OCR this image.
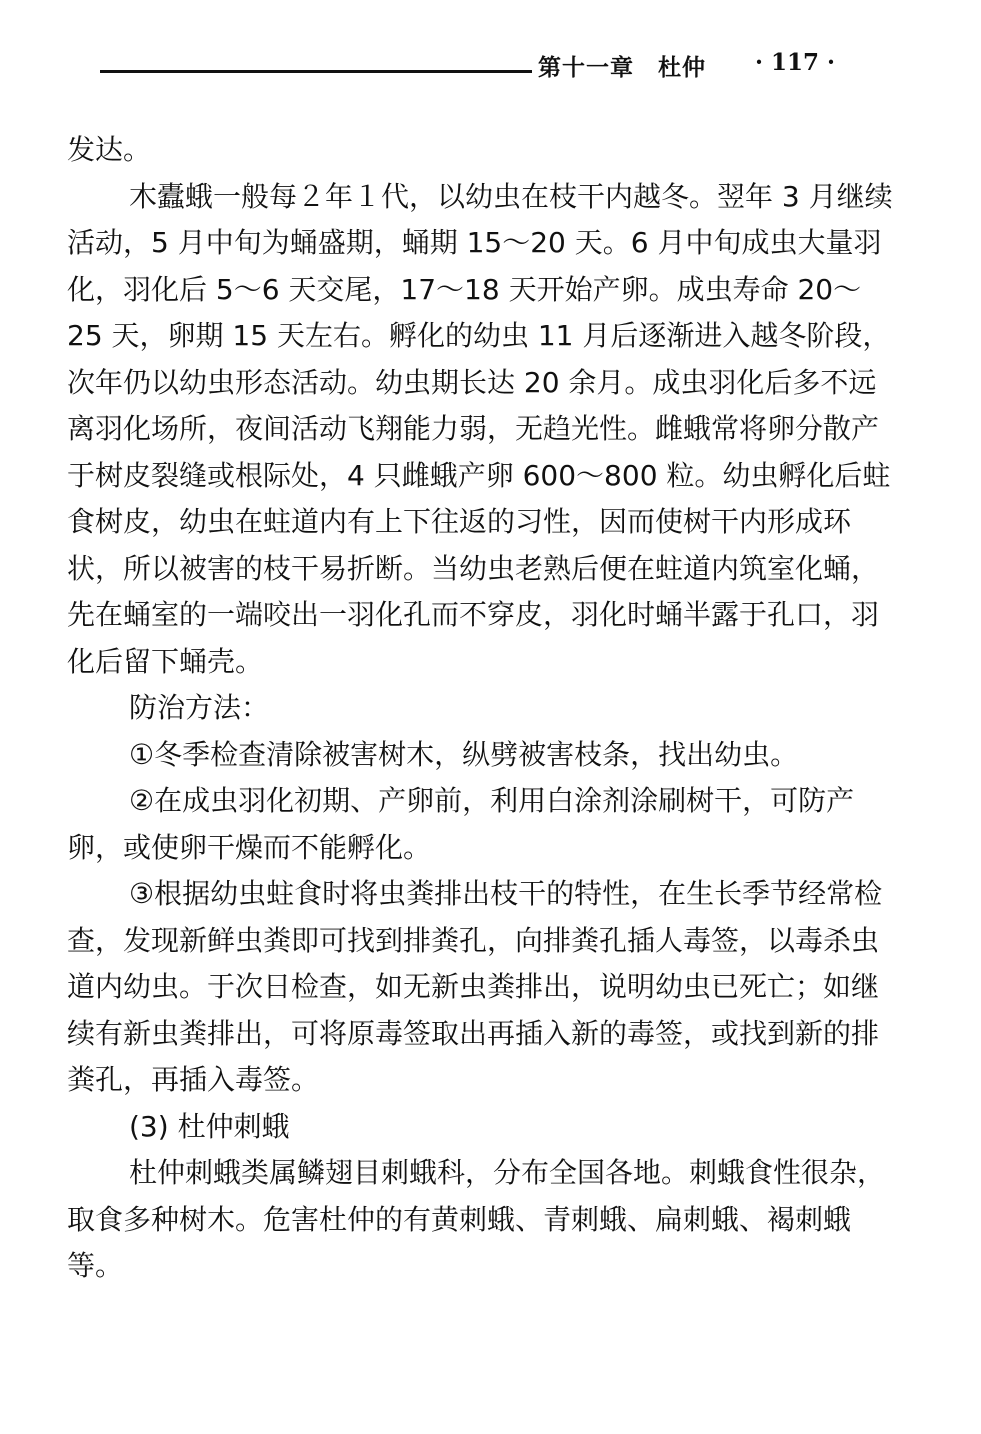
第十一章　杜仲 · 117 ·

发达。

木蠹蛾一般每２年１代，以幼虫在枝干内越冬。翌年 3 月继续活动，5 月中旬为蛹盛期，蛹期 15～20 天。6 月中旬成虫大量羽化，羽化后 5～6 天交尾，17～18 天开始产卵。成虫寿命 20～25 天，卵期 15 天左右。孵化的幼虫 11 月后逐渐进入越冬阶段，次年仍以幼虫形态活动。幼虫期长达 20 余月。成虫羽化后多不远离羽化场所，夜间活动飞翔能力弱，无趋光性。雌蛾常将卵分散产于树皮裂缝或根际处，4 只雌蛾产卵 600～800 粒。幼虫孵化后蛀食树皮，幼虫在蛀道内有上下往返的习性，因而使树干内形成环状，所以被害的枝干易折断。当幼虫老熟后便在蛀道内筑室化蛹，先在蛹室的一端咬出一羽化孔而不穿皮，羽化时蛹半露于孔口，羽化后留下蛹壳。

防治方法：

①冬季检查清除被害树木，纵劈被害枝条，找出幼虫。

②在成虫羽化初期、产卵前，利用白涂剂涂刷树干，可防产卵，或使卵干燥而不能孵化。

③根据幼虫蛀食时将虫粪排出枝干的特性，在生长季节经常检查，发现新鲜虫粪即可找到排粪孔，向排粪孔插人毒签，以毒杀虫道内幼虫。于次日检查，如无新虫粪排出，说明幼虫已死亡；如继续有新虫粪排出，可将原毒签取出再插入新的毒签，或找到新的排粪孔，再插入毒签。

(3) 杜仲刺蛾

杜仲刺蛾类属鳞翅目刺蛾科，分布全国各地。刺蛾食性很杂，取食多种树木。危害杜仲的有黄刺蛾、青刺蛾、扁刺蛾、褐刺蛾等。
